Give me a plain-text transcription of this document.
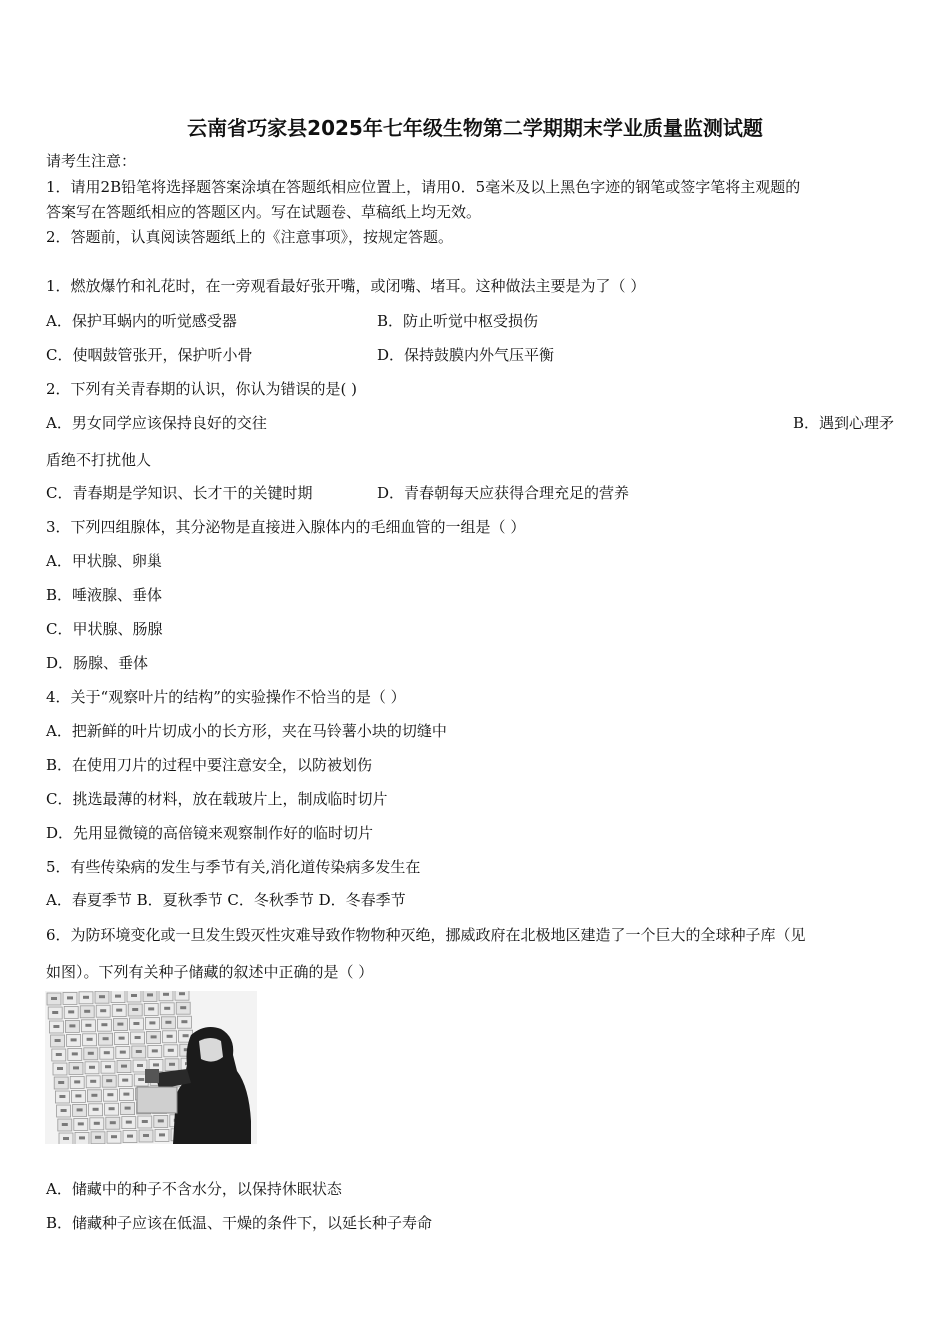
云南省巧家县2025年七年级生物第二学期期末学业质量监测试题
请考生注意：
1．请用2B铅笔将选择题答案涂填在答题纸相应位置上，请用0．5毫米及以上黑色字迹的钢笔或签字笔将主观题的
答案写在答题纸相应的答题区内。写在试题卷、草稿纸上均无效。
2．答题前，认真阅读答题纸上的《注意事项》，按规定答题。
1．燃放爆竹和礼花时，在一旁观看最好张开嘴，或闭嘴、堵耳。这种做法主要是为了（ ）
A．保护耳蜗内的听觉感受器	B．防止听觉中枢受损伤
C．使咽鼓管张开，保护听小骨	D．保持鼓膜内外气压平衡
2．下列有关青春期的认识，你认为错误的是( )
A．男女同学应该保持良好的交往	B．遇到心理矛
盾绝不打扰他人
C．青春期是学知识、长才干的关键时期	D．青春朝每天应获得合理充足的营养
3．下列四组腺体，其分泌物是直接进入腺体内的毛细血管的一组是（ ）
A．甲状腺、卵巢
B．唾液腺、垂体
C．甲状腺、肠腺
D．肠腺、垂体
4．关于“观察叶片的结构”的实验操作不恰当的是（ ）
A．把新鲜的叶片切成小的长方形，夹在马铃薯小块的切缝中
B．在使用刀片的过程中要注意安全，以防被划伤
C．挑选最薄的材料，放在载玻片上，制成临时切片
D．先用显微镜的高倍镜来观察制作好的临时切片
5．有些传染病的发生与季节有关,消化道传染病多发生在
A．春夏季节 B．夏秋季节 C．冬秋季节 D．冬春季节
6．为防环境变化或一旦发生毁灭性灾难导致作物物种灭绝，挪威政府在北极地区建造了一个巨大的全球种子库（见
如图）。下列有关种子储藏的叙述中正确的是（ ）
A．储藏中的种子不含水分，以保持休眠状态
B．储藏种子应该在低温、干燥的条件下，以延长种子寿命
